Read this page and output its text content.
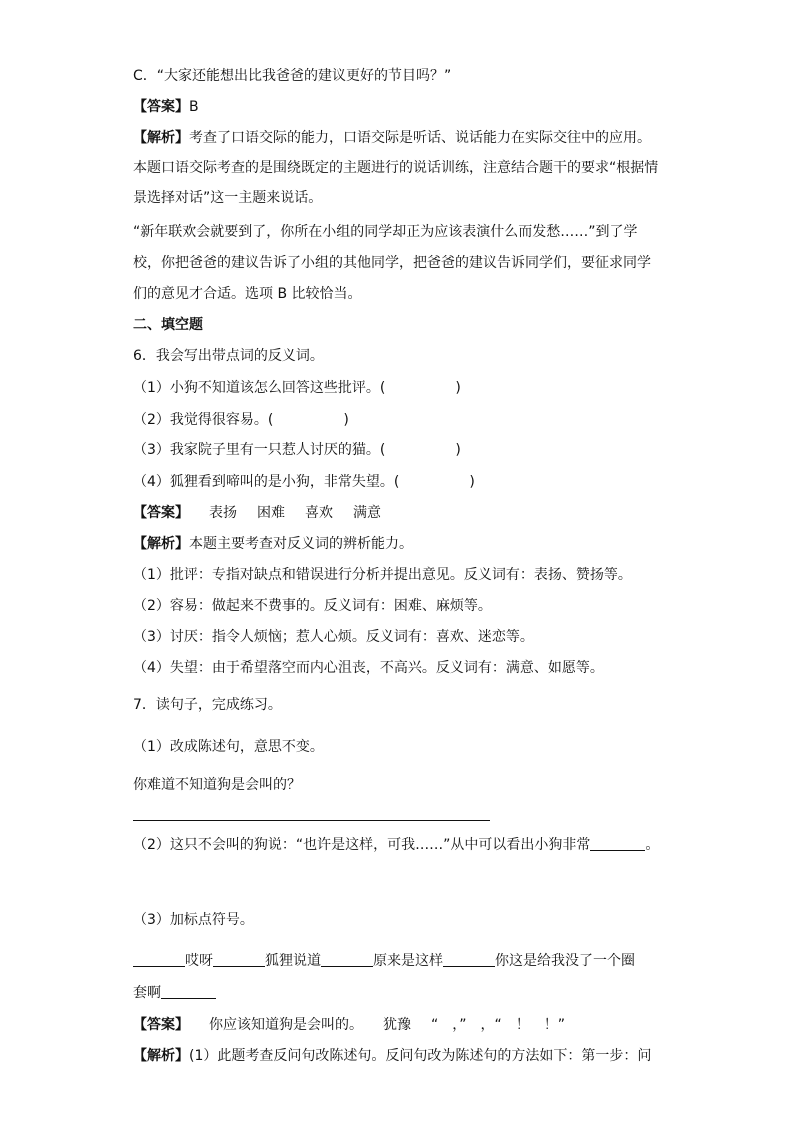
C．“大家还能想出比我爸爸的建议更好的节目吗？”
【答案】B
【解析】考查了口语交际的能力，口语交际是听话、说话能力在实际交往中的应用。
本题口语交际考查的是围绕既定的主题进行的说话训练，注意结合题干的要求“根据情
景选择对话”这一主题来说话。
“新年联欢会就要到了，你所在小组的同学却正为应该表演什么而发愁……”到了学
校，你把爸爸的建议告诉了小组的其他同学，把爸爸的建议告诉同学们，要征求同学
们的意见才合适。选项 B 比较恰当。
二、填空题
6．我会写出带点词的反义词。
（1）小狗不知道该怎么回答这些批评。(	)
（2）我觉得很容易。(	)
（3）我家院子里有一只惹人讨厌的猫。(	)
（4）狐狸看到啼叫的是小狗，非常失望。(	)
【答案】 表扬 困难 喜欢 满意
【解析】本题主要考查对反义词的辨析能力。
（1）批评：专指对缺点和错误进行分析并提出意见。反义词有：表扬、赞扬等。
（2）容易：做起来不费事的。反义词有：困难、麻烦等。
（3）讨厌：指令人烦恼；惹人心烦。反义词有：喜欢、迷恋等。
（4）失望：由于希望落空而内心沮丧，不高兴。反义词有：满意、如愿等。
7．读句子，完成练习。
（1）改成陈述句，意思不变。
你难道不知道狗是会叫的？
（2）这只不会叫的狗说：“也许是这样，可我……”从中可以看出小狗非常	。
（3）加标点符号。
哎呀	狐狸说道	原来是这样	你这是给我没了一个圈
套啊
【答案】 你应该知道狗是会叫的。 犹豫 “　，”　，“　！　！”
【解析】(1）此题考查反问句改陈述句。反问句改为陈述句的方法如下：第一步：问
